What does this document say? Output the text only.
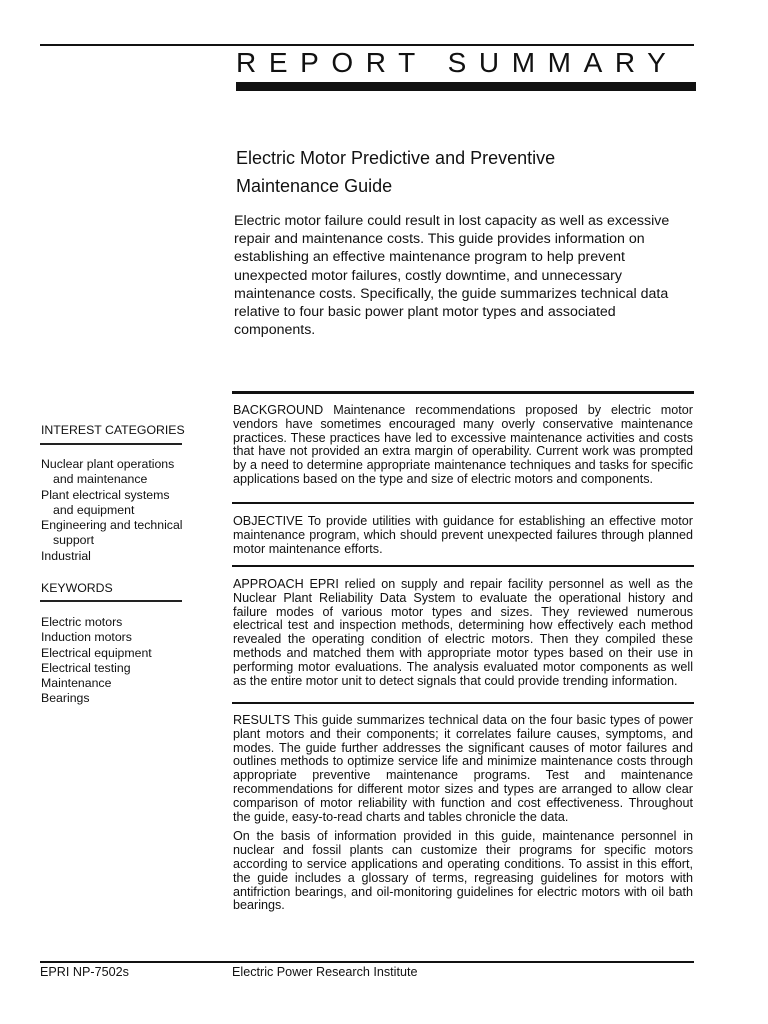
REPORT SUMMARY
Electric Motor Predictive and Preventive
Maintenance Guide
Electric motor failure could result in lost capacity as well as excessive repair and maintenance costs. This guide provides information on establishing an effective maintenance program to help prevent unexpected motor failures, costly downtime, and unnecessary maintenance costs. Specifically, the guide summarizes technical data relative to four basic power plant motor types and associated components.
INTEREST CATEGORIES
Nuclear plant operations
and maintenance
Plant electrical systems
and equipment
Engineering and technical
support
Industrial
KEYWORDS
Electric motors
Induction motors
Electrical equipment
Electrical testing
Maintenance
Bearings

BACKGROUND Maintenance recommendations proposed by electric motor vendors have sometimes encouraged many overly conservative maintenance practices. These practices have led to excessive maintenance activities and costs that have not provided an extra margin of operability. Current work was prompted by a need to determine appropriate maintenance techniques and tasks for specific applications based on the type and size of electric motors and components.

OBJECTIVE To provide utilities with guidance for establishing an effective motor maintenance program, which should prevent unexpected failures through planned motor maintenance efforts.

APPROACH EPRI relied on supply and repair facility personnel as well as the Nuclear Plant Reliability Data System to evaluate the operational history and failure modes of various motor types and sizes. They reviewed numerous electrical test and inspection methods, determining how effectively each method revealed the operating condition of electric motors. Then they compiled these methods and matched them with appropriate motor types based on their use in performing motor evaluations. The analysis evaluated motor components as well as the entire motor unit to detect signals that could provide trending information.

RESULTS This guide summarizes technical data on the four basic types of power plant motors and their components; it correlates failure causes, symptoms, and modes. The guide further addresses the significant causes of motor failures and outlines methods to optimize service life and minimize maintenance costs through appropriate preventive maintenance programs. Test and maintenance recommendations for different motor sizes and types are arranged to allow clear comparison of motor reliability with function and cost effectiveness. Throughout the guide, easy-to-read charts and tables chronicle the data.

On the basis of information provided in this guide, maintenance personnel in nuclear and fossil plants can customize their programs for specific motors according to service applications and operating conditions. To assist in this effort, the guide includes a glossary of terms, regreasing guidelines for motors with antifriction bearings, and oil-monitoring guidelines for electric motors with oil bath bearings.

EPRI NP-7502s	Electric Power Research Institute
